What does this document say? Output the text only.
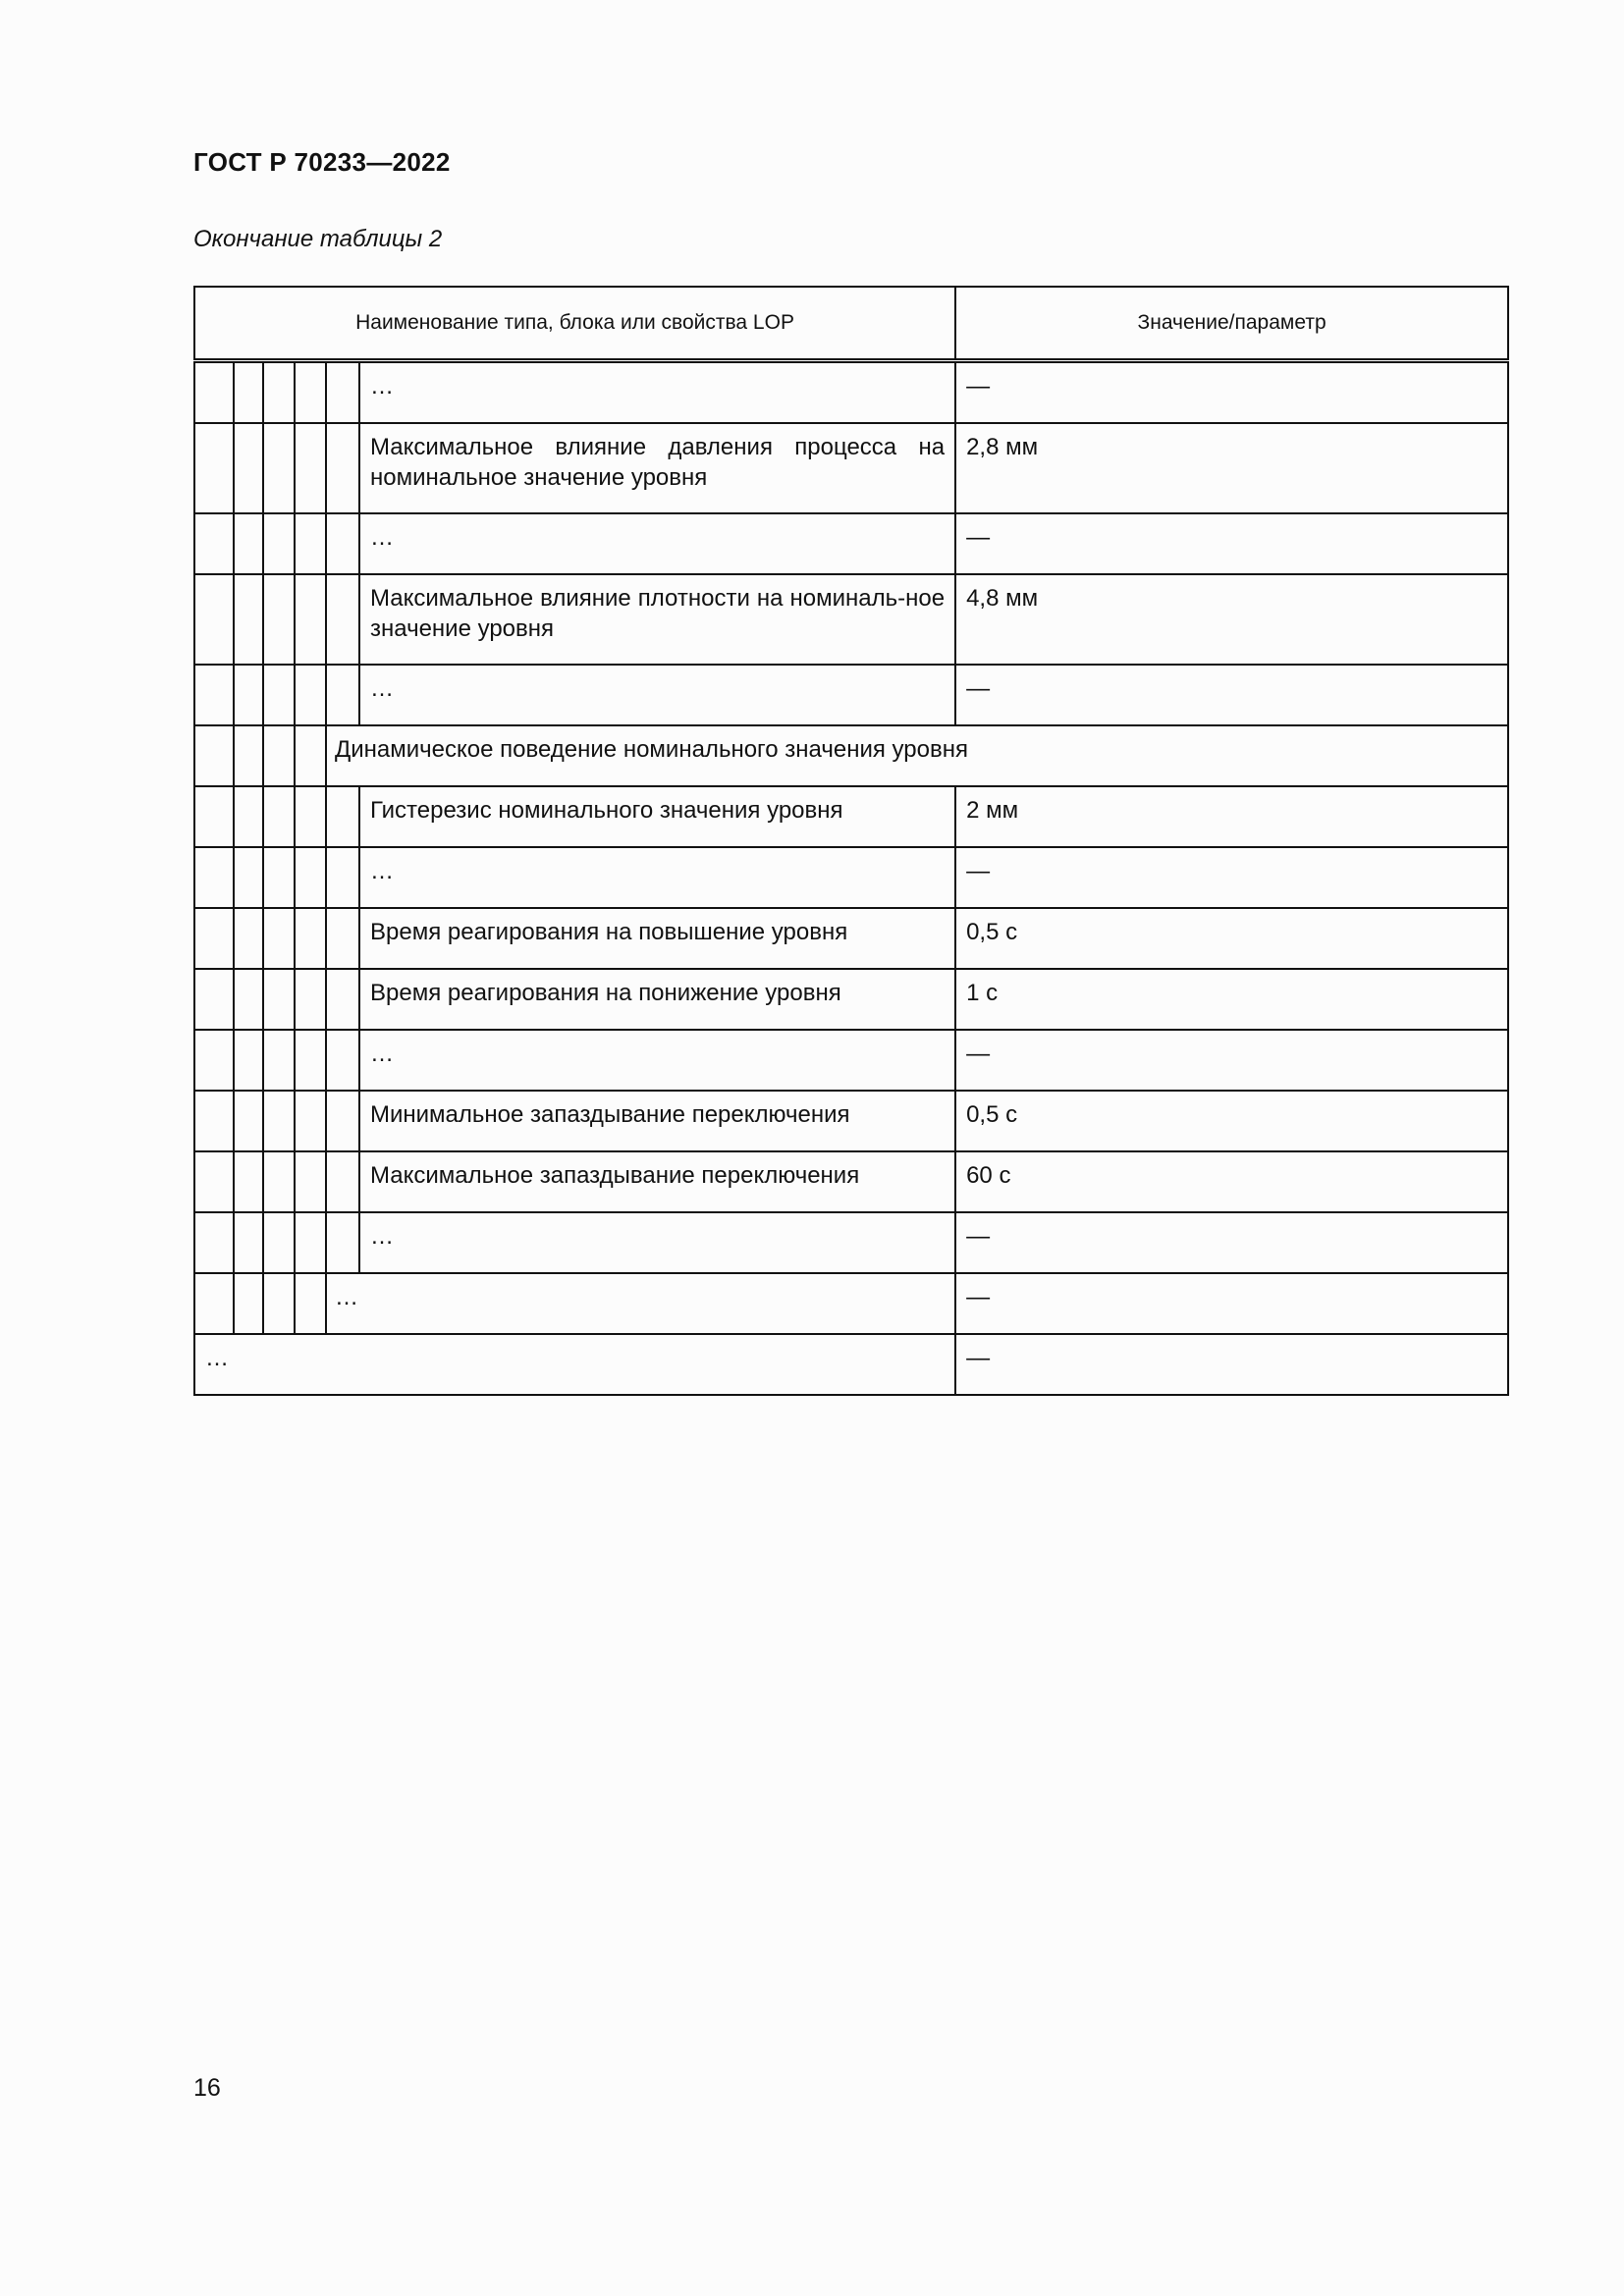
ГОСТ Р 70233—2022
Окончание таблицы 2
Наименование типа, блока или свойства LOP						Значение/параметр
					…	—
					Максимальное влияние давления процесса на номинальное значение уровня	2,8 мм
					…	—
					Максимальное влияние плотности на номиналь-ное значение уровня	4,8 мм
					…	—
				Динамическое поведение номинального значения уровня		
					Гистерезис номинального значения уровня	2 мм
					…	—
					Время реагирования на повышение уровня	0,5 с
					Время реагирования на понижение уровня	1 с
					…	—
					Минимальное запаздывание переключения	0,5 с
					Максимальное запаздывание переключения	60 с
					…	—
				…		—
…						—
16
